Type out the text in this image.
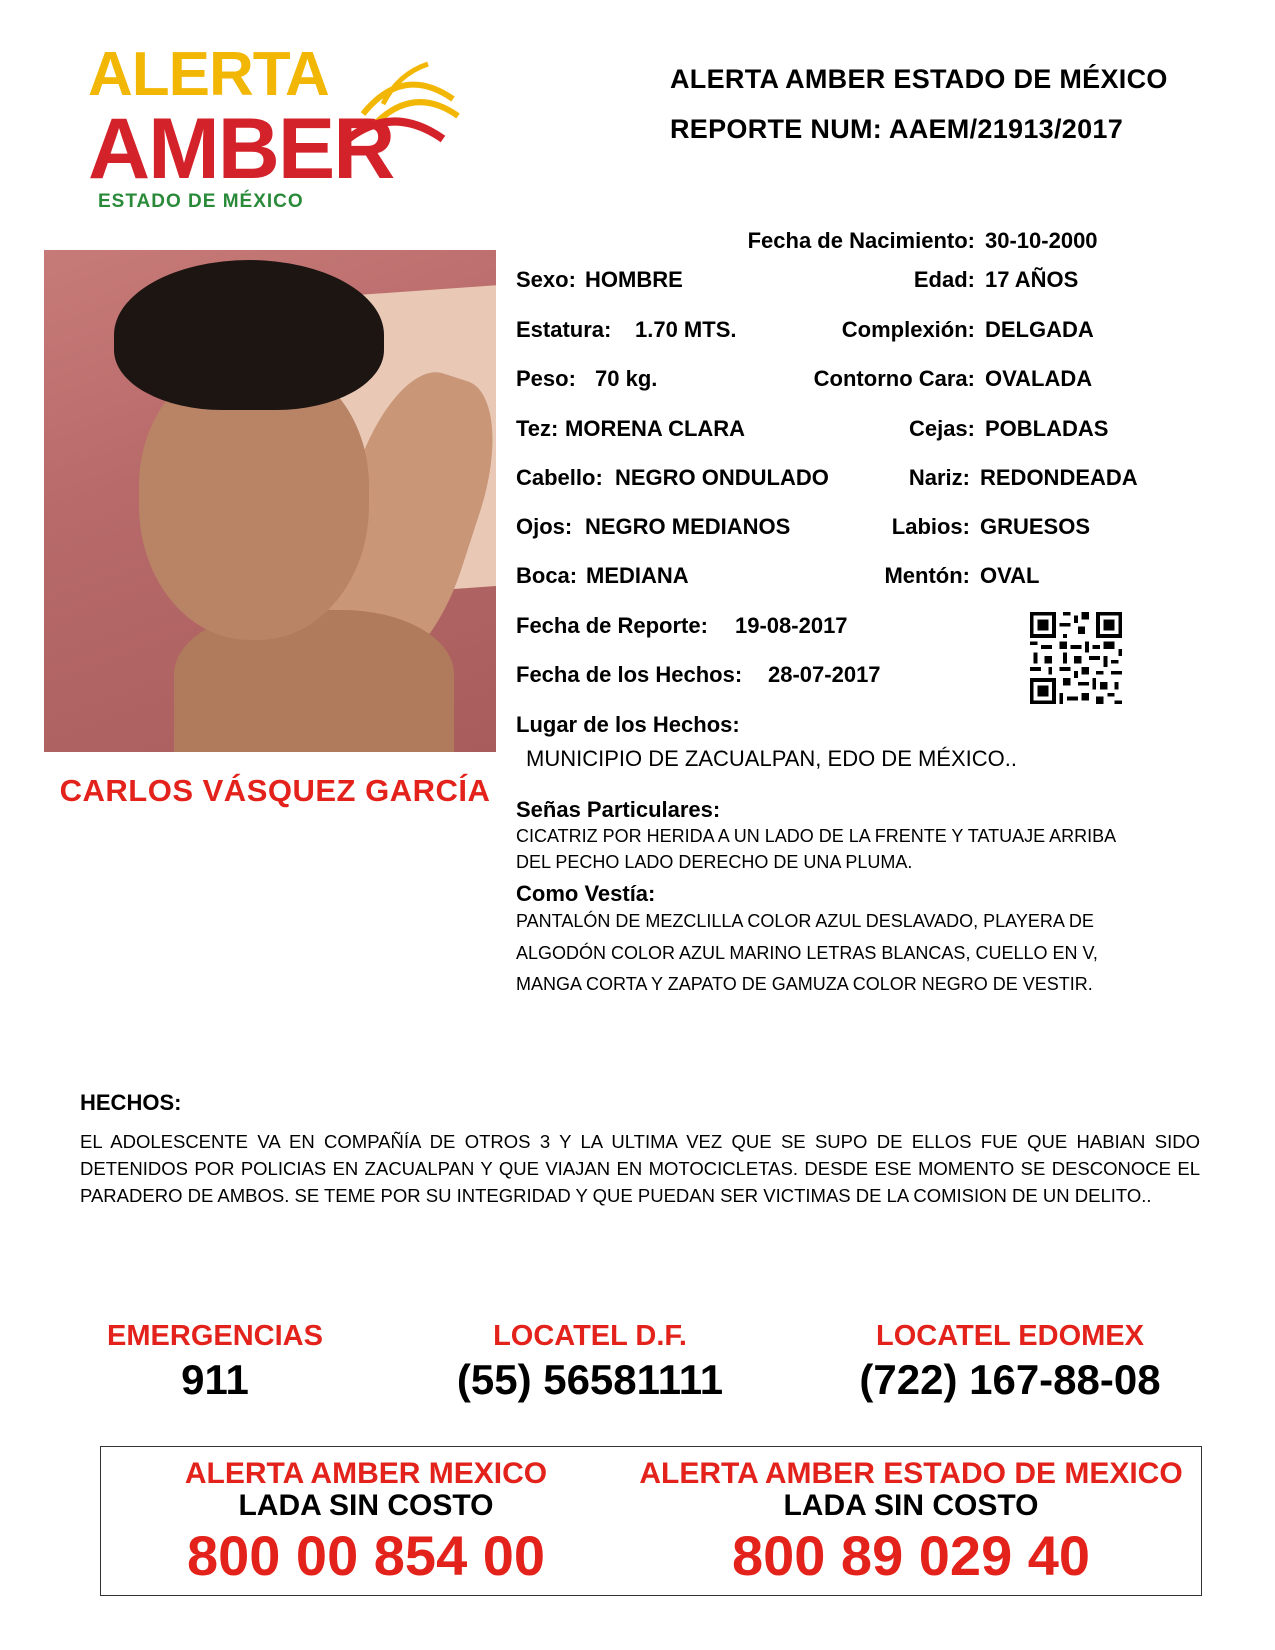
ALERTA
AMBER
ESTADO DE MÉXICO
ALERTA AMBER ESTADO DE MÉXICO
REPORTE NUM: AAEM/21913/2017
CARLOS VÁSQUEZ GARCÍA
Fecha de Nacimiento: 30-10-2000
Sexo: HOMBRE	Edad: 17 AÑOS
Estatura: 1.70 MTS.	Complexión: DELGADA
Peso: 70 kg.	Contorno Cara: OVALADA
Tez: MORENA CLARA	Cejas: POBLADAS
Cabello: NEGRO ONDULADO	Nariz: REDONDEADA
Ojos: NEGRO MEDIANOS	Labios: GRUESOS
Boca: MEDIANA	Mentón: OVAL
Fecha de Reporte: 19-08-2017
Fecha de los Hechos: 28-07-2017
Lugar de los Hechos:
MUNICIPIO DE ZACUALPAN, EDO DE MÉXICO..
Señas Particulares:
CICATRIZ POR HERIDA A UN LADO DE LA FRENTE Y TATUAJE ARRIBA
DEL PECHO LADO DERECHO DE UNA PLUMA.
Como Vestía:
PANTALÓN DE MEZCLILLA COLOR AZUL DESLAVADO, PLAYERA DE
ALGODÓN COLOR AZUL MARINO LETRAS BLANCAS, CUELLO EN V,
MANGA CORTA Y ZAPATO DE GAMUZA COLOR NEGRO DE VESTIR.
HECHOS:
EL ADOLESCENTE VA EN COMPAÑÍA DE OTROS 3 Y LA ULTIMA VEZ QUE SE SUPO DE ELLOS FUE QUE HABIAN SIDO DETENIDOS POR POLICIAS EN ZACUALPAN Y QUE VIAJAN EN MOTOCICLETAS. DESDE ESE MOMENTO SE DESCONOCE EL PARADERO DE AMBOS. SE TEME POR SU INTEGRIDAD Y QUE PUEDAN SER VICTIMAS DE LA COMISION DE UN DELITO..
EMERGENCIAS
911
LOCATEL D.F.
(55) 56581111
LOCATEL EDOMEX
(722) 167-88-08
ALERTA AMBER MEXICO
LADA SIN COSTO
800 00 854 00
ALERTA AMBER ESTADO DE MEXICO
LADA SIN COSTO
800 89 029 40
